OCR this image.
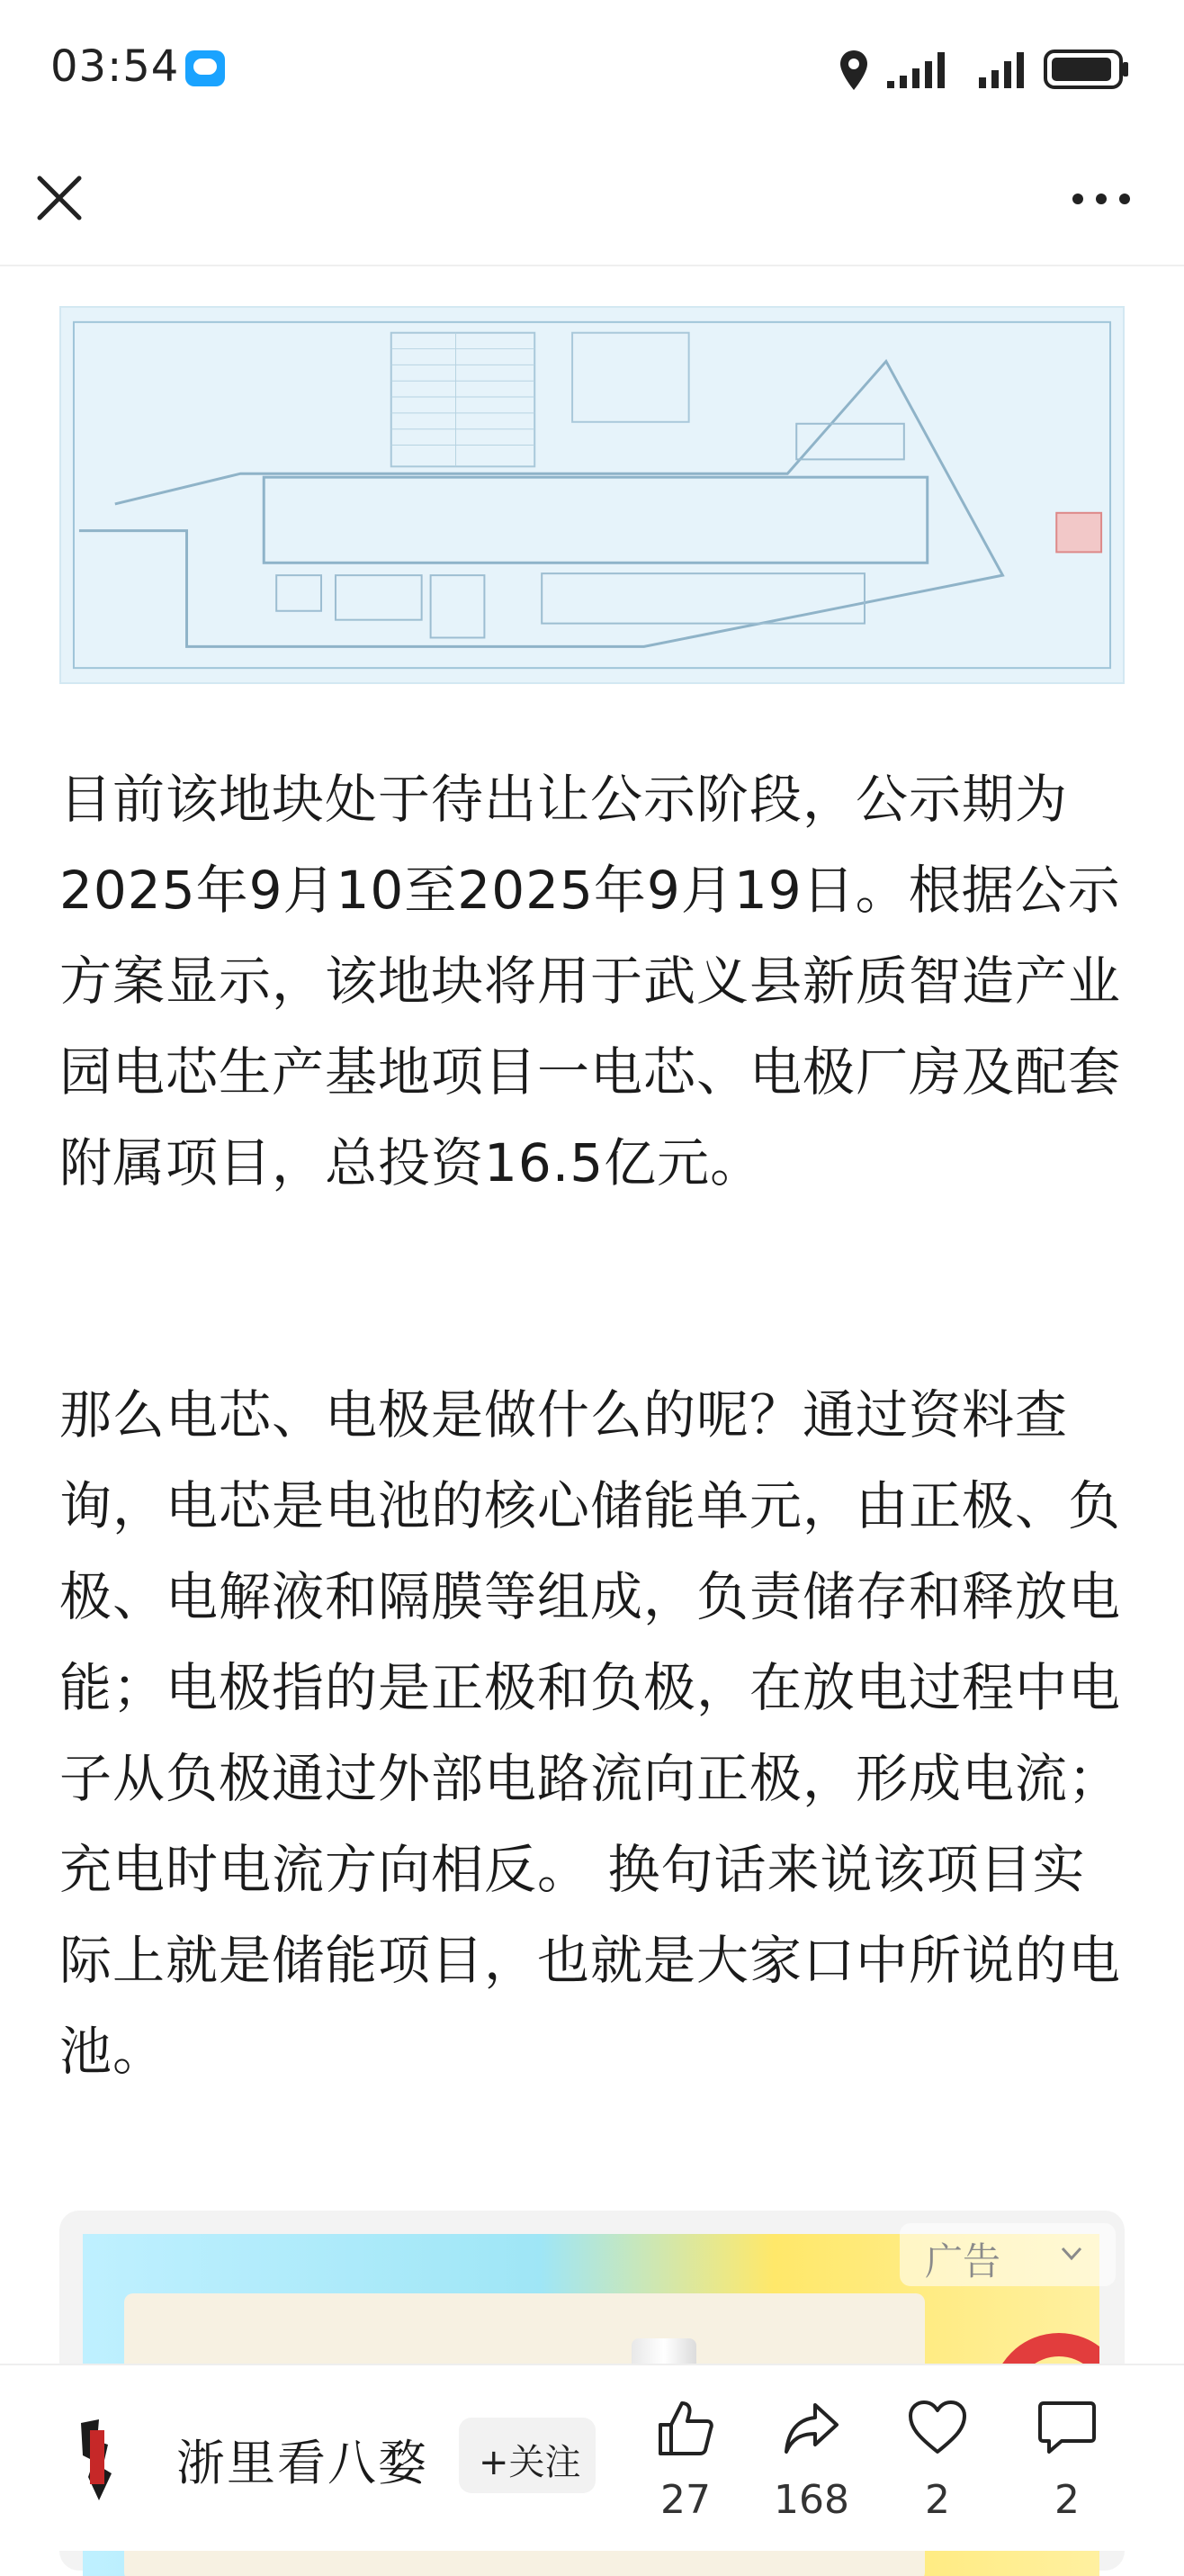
03:54

目前该地块处于待出让公示阶段，公示期为2025年9月10至2025年9月19日。根据公示方案显示，该地块将用于武义县新质智造产业园电芯生产基地项目一电芯、电极厂房及配套附属项目，总投资16.5亿元。

那么电芯、电极是做什么的呢？通过资料查询，电芯是电池的核心储能单元，由正极、负极、电解液和隔膜等组成，负责储存和释放电能；电极指的是正极和负极，在放电过程中电子从负极通过外部电路流向正极，形成电流；充电时电流方向相反。 换句话来说该项目实际上就是储能项目，也就是大家口中所说的电池。

广告
浙里看八婺 +关注
27	168	2	2
